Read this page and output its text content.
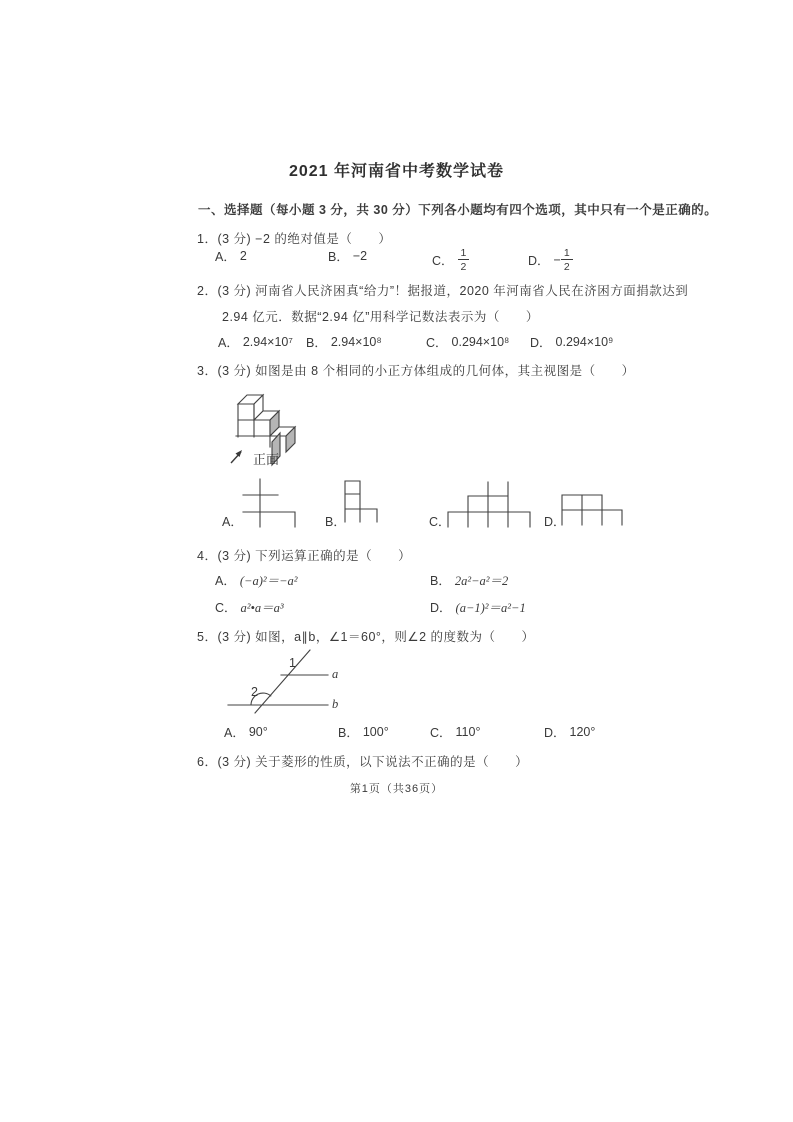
2021 年河南省中考数学试卷
一、选择题（每小题 3 分，共 30 分）下列各小题均有四个选项，其中只有一个是正确的。
1．(3 分) −2 的绝对值是（　　）
A． 2	B． −2	C． $\frac{1}{2}$	D． − $\frac{1}{2}$
2．(3 分) 河南省人民济困真“给力”！据报道，2020 年河南省人民在济困方面捐款达到
2.94 亿元．数据“2.94 亿”用科学记数法表示为（　　）
A． 2.94×10⁷ B． 2.94×10⁸	C． 0.294×10⁸ D． 0.294×10⁹
3．(3 分) 如图是由 8 个相同的小正方体组成的几何体，其主视图是（　　）
正面
A．	B．	C．	D．
4．(3 分) 下列运算正确的是（　　）
A． (−a)²＝−a²	B． 2a²−a²＝2
C． a²•a＝a³	D． (a−1)²＝a²−1
5．(3 分) 如图，a∥b，∠1＝60°，则∠2 的度数为（　　）
1
2
a
b
A． 90°	B． 100°	C． 110°	D． 120°
6．(3 分) 关于菱形的性质，以下说法不正确的是（　　）
第1页（共36页）
